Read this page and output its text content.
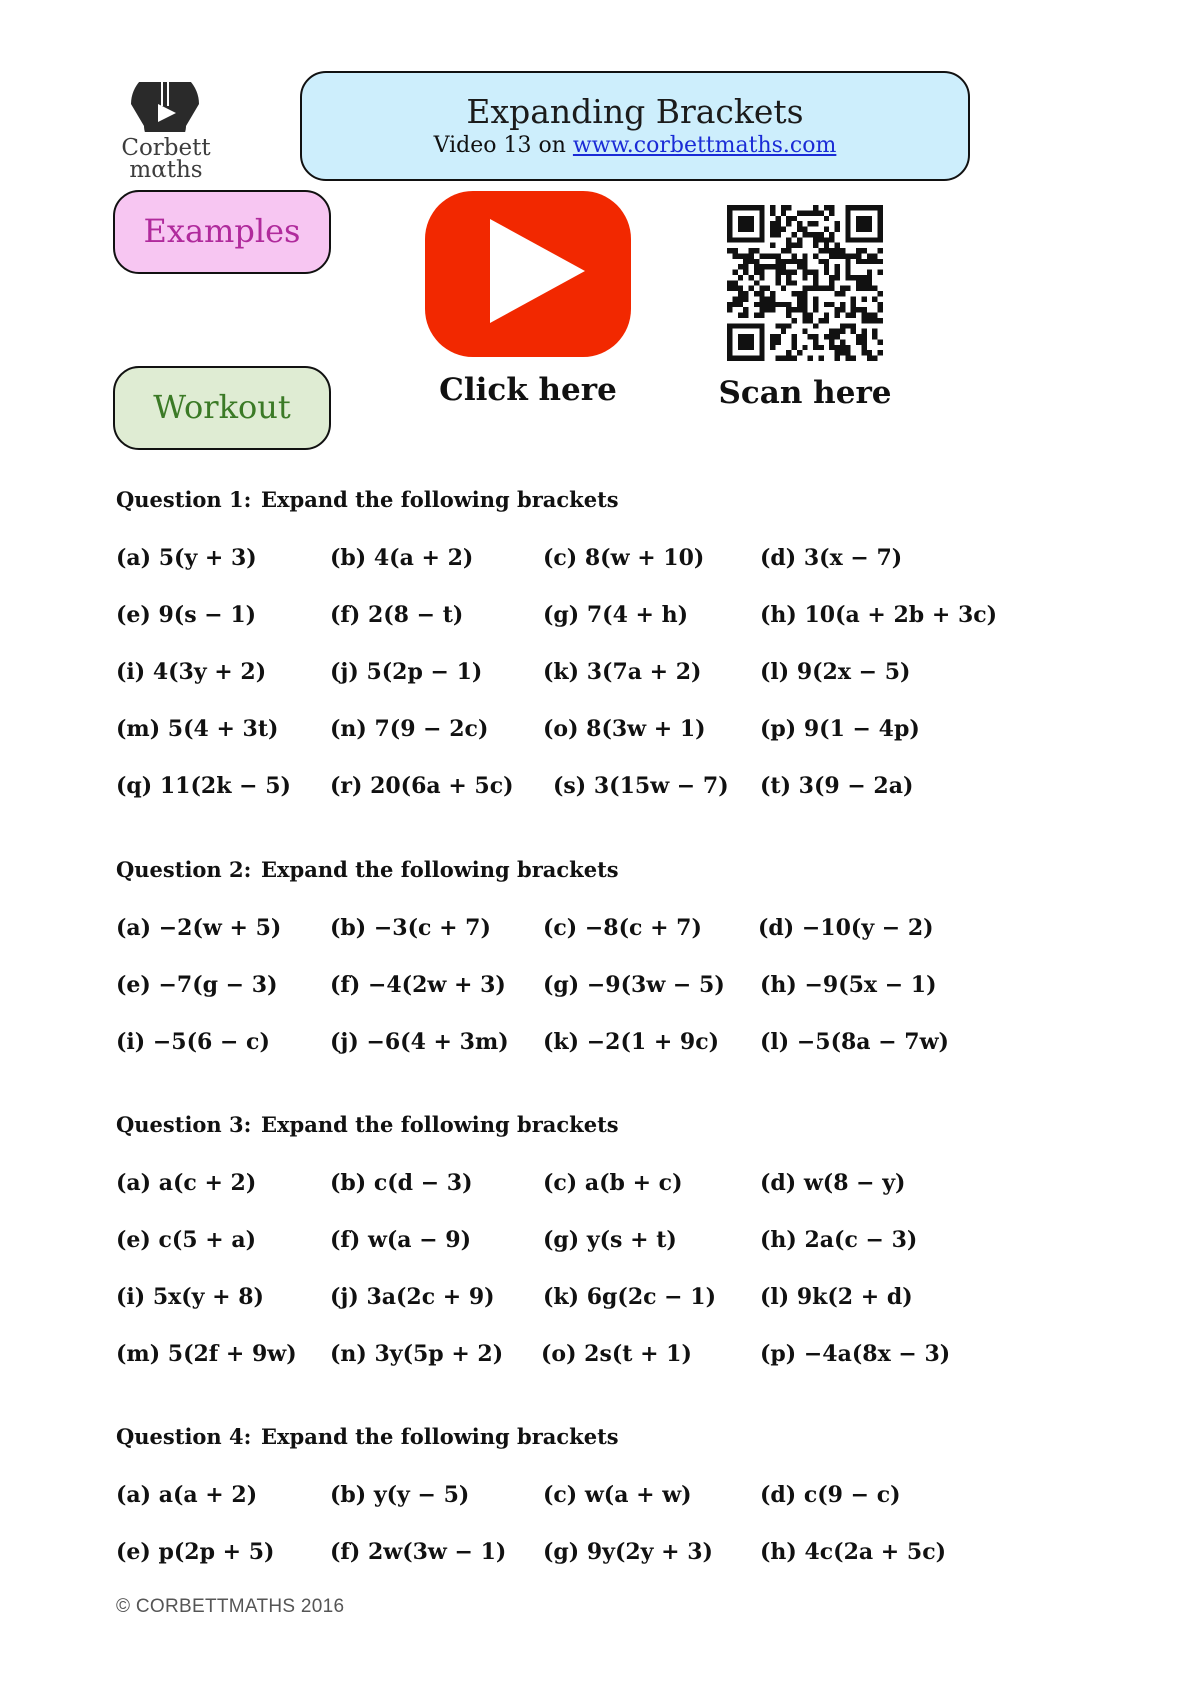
Corbett
mαths
Expanding Brackets
Video 13 on www.corbettmaths.com
Examples
Workout	Click here	Scan here
Question 1: Expand the following brackets
(a) 5(y + 3)	(b) 4(a + 2)	(c) 8(w + 10)	(d) 3(x − 7)
(e) 9(s − 1)	(f) 2(8 − t)	(g) 7(4 + h)	(h) 10(a + 2b + 3c)
(i) 4(3y + 2)	(j) 5(2p − 1)	(k) 3(7a + 2)	(l) 9(2x − 5)
(m) 5(4 + 3t) (n) 7(9 − 2c) (o) 8(3w + 1) (p) 9(1 − 4p)
(q) 11(2k − 5) (r) 20(6a + 5c) (s) 3(15w − 7) (t) 3(9 − 2a)
Question 2: Expand the following brackets
(a) −2(w + 5) (b) −3(c + 7) (c) −8(c + 7)	(d) −10(y − 2)
(e) −7(g − 3) (f) −4(2w + 3) (g) −9(3w − 5) (h) −9(5x − 1)
(i) −5(6 − c)	(j) −6(4 + 3m) (k) −2(1 + 9c) (l) −5(8a − 7w)
Question 3: Expand the following brackets
(a) a(c + 2)	(b) c(d − 3)	(c) a(b + c)	(d) w(8 − y)
(e) c(5 + a)	(f) w(a − 9)	(g) y(s + t)	(h) 2a(c − 3)
(i) 5x(y + 8)	(j) 3a(2c + 9) (k) 6g(2c − 1) (l) 9k(2 + d)
(m) 5(2f + 9w) (n) 3y(5p + 2) (o) 2s(t + 1)	(p) −4a(8x − 3)
Question 4: Expand the following brackets
(a) a(a + 2)	(b) y(y − 5)	(c) w(a + w)	(d) c(9 − c)
(e) p(2p + 5)	(f) 2w(3w − 1) (g) 9y(2y + 3) (h) 4c(2a + 5c)
© CORBETTMATHS 2016
